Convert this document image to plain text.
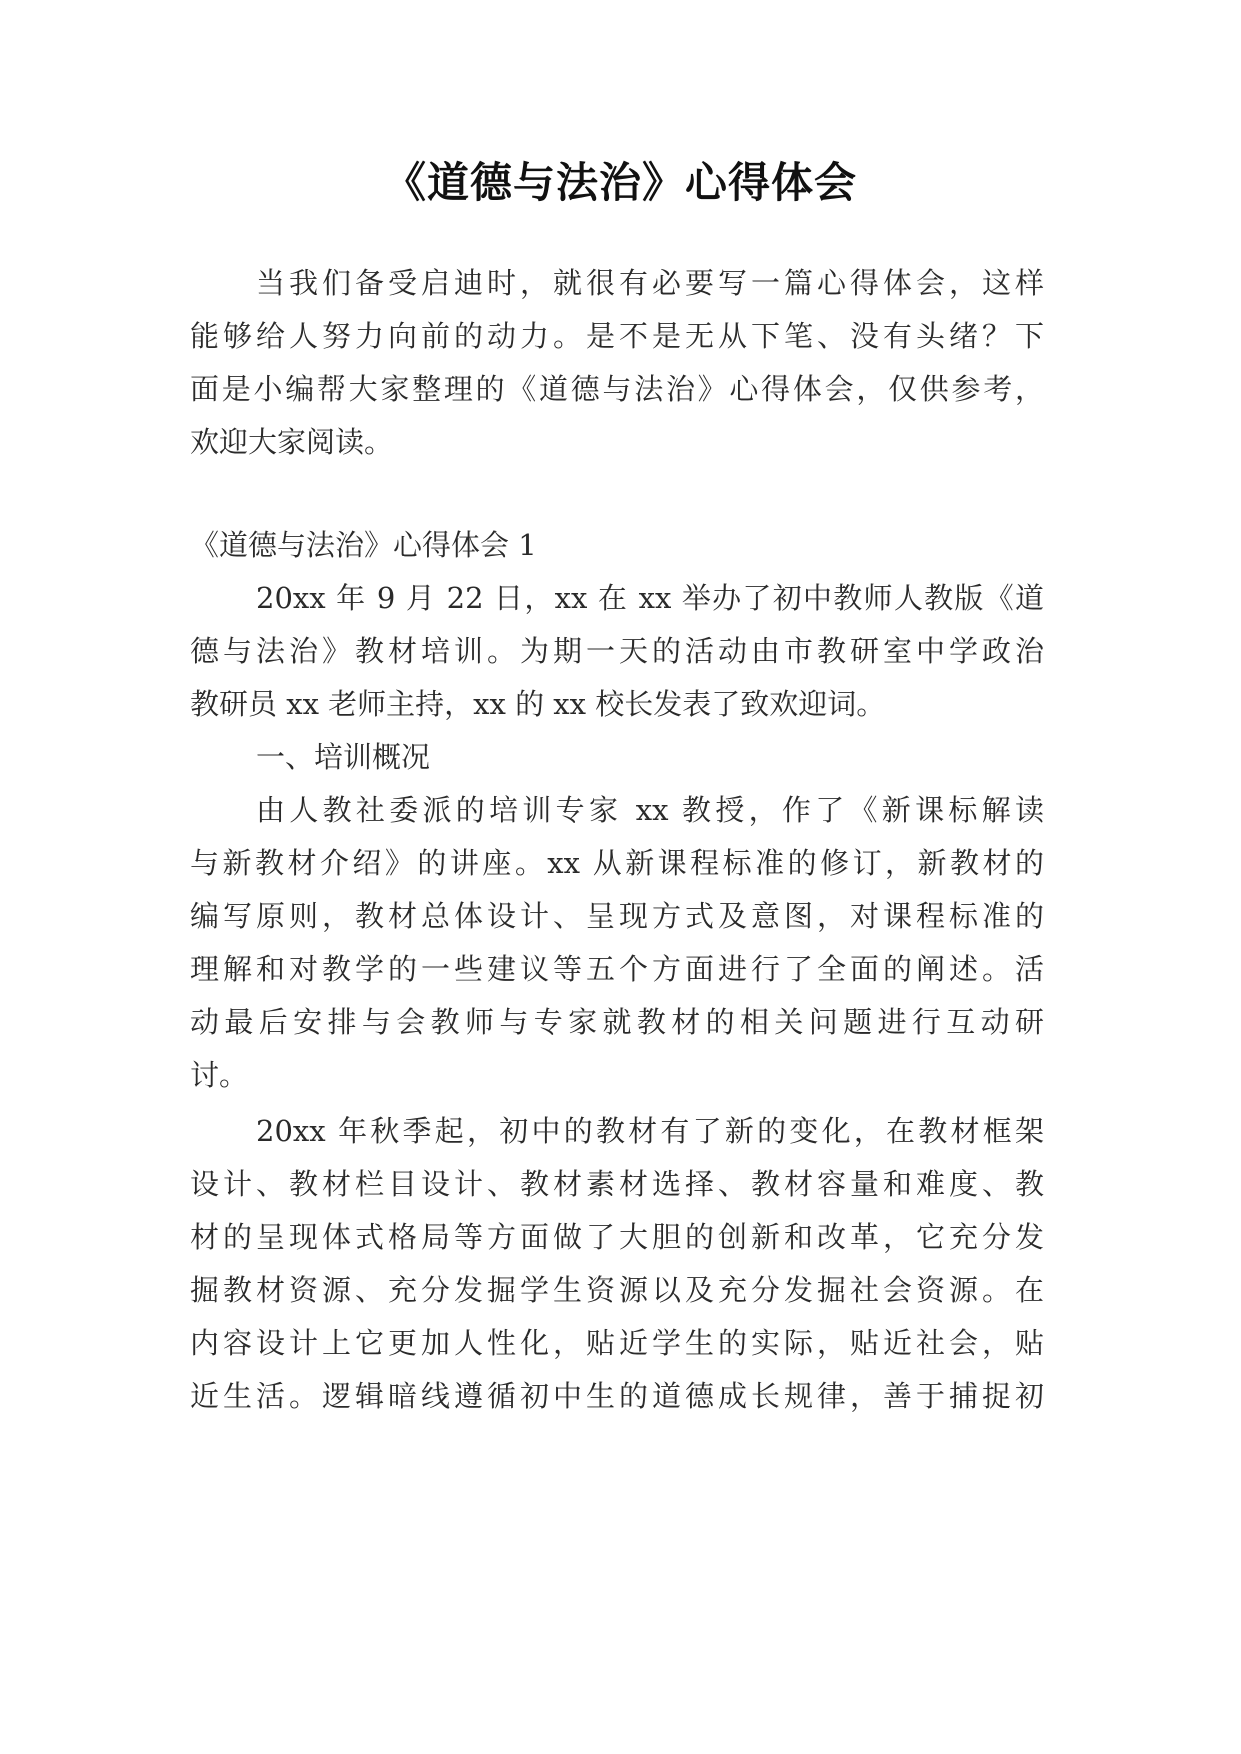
《道德与法治》心得体会
当我们备受启迪时，就很有必要写一篇心得体会，这样
能够给人努力向前的动力。是不是无从下笔、没有头绪？下
面是小编帮大家整理的《道德与法治》心得体会，仅供参考，
欢迎大家阅读。
《道德与法治》心得体会 1
20xx 年 9 月 22 日，xx 在 xx 举办了初中教师人教版《道
德与法治》教材培训。为期一天的活动由市教研室中学政治
教研员 xx 老师主持，xx 的 xx 校长发表了致欢迎词。
一、培训概况
由人教社委派的培训专家 xx 教授，作了《新课标解读
与新教材介绍》的讲座。xx 从新课程标准的修订，新教材的
编写原则，教材总体设计、呈现方式及意图，对课程标准的
理解和对教学的一些建议等五个方面进行了全面的阐述。活
动最后安排与会教师与专家就教材的相关问题进行互动研
讨。
20xx 年秋季起，初中的教材有了新的变化，在教材框架
设计、教材栏目设计、教材素材选择、教材容量和难度、教
材的呈现体式格局等方面做了大胆的创新和改革，它充分发
掘教材资源、充分发掘学生资源以及充分发掘社会资源。在
内容设计上它更加人性化，贴近学生的实际，贴近社会，贴
近生活。逻辑暗线遵循初中生的道德成长规律，善于捕捉初
